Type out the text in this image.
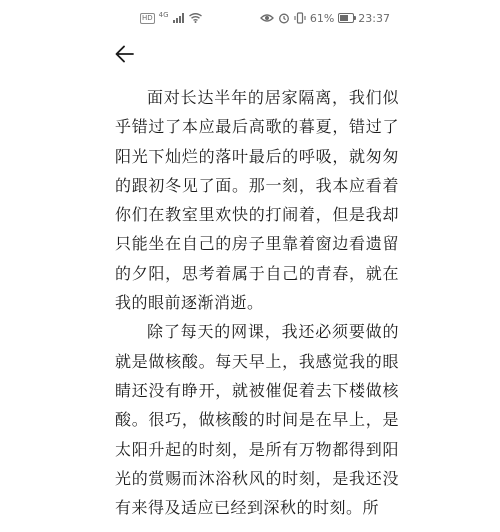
HD 4G	61% 23:37

面对长达半年的居家隔离，我们似乎错过了本应最后高歌的暮夏，错过了阳光下灿烂的落叶最后的呼吸，就匆匆的跟初冬见了面。那一刻，我本应看着你们在教室里欢快的打闹着，但是我却只能坐在自己的房子里靠着窗边看遗留的夕阳，思考着属于自己的青春，就在我的眼前逐渐消逝。

除了每天的网课，我还必须要做的就是做核酸。每天早上，我感觉我的眼睛还没有睁开，就被催促着去下楼做核酸。很巧，做核酸的时间是在早上，是太阳升起的时刻，是所有万物都得到阳光的赏赐而沐浴秋风的时刻，是我还没有来得及适应已经到深秋的时刻。所
